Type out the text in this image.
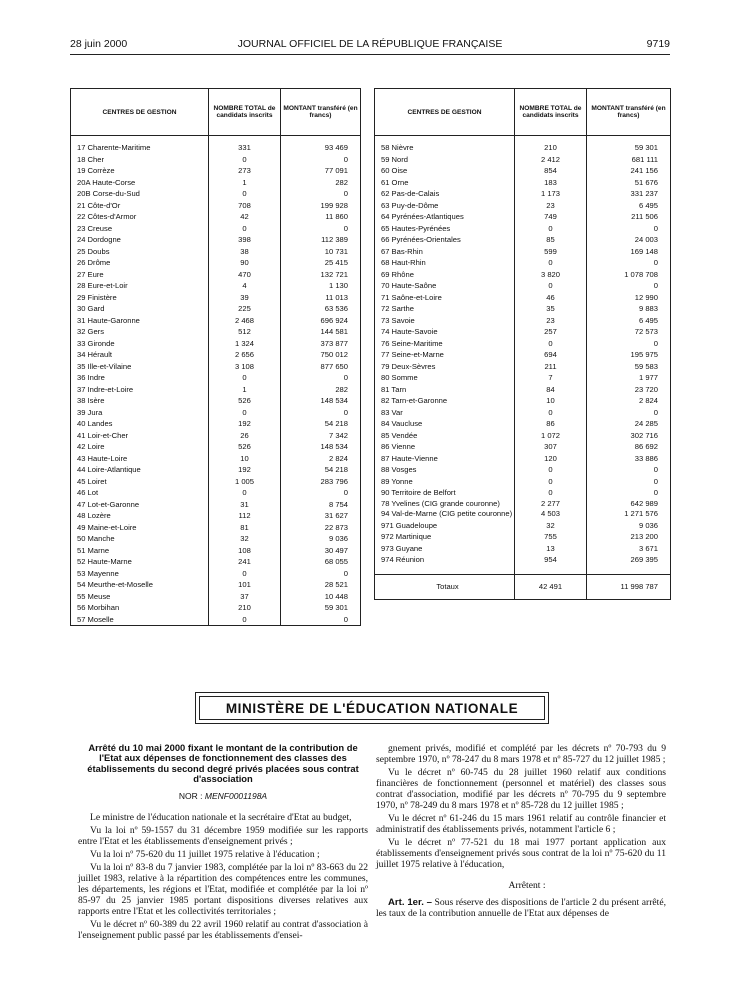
28 juin 2000	JOURNAL OFFICIEL DE LA RÉPUBLIQUE FRANÇAISE	9719
CENTRES DE GESTION	NOMBRE TOTAL de candidats inscrits	MONTANT transféré (en francs)
17 Charente-Maritime	331	93 469
18 Cher	0	0
19 Corrèze	273	77 091
20A Haute-Corse	1	282
20B Corse-du-Sud	0	0
21 Côte-d'Or	708	199 928
22 Côtes-d'Armor	42	11 860
23 Creuse	0	0
24 Dordogne	398	112 389
25 Doubs	38	10 731
26 Drôme	90	25 415
27 Eure	470	132 721
28 Eure-et-Loir	4	1 130
29 Finistère	39	11 013
30 Gard	225	63 536
31 Haute-Garonne	2 468	696 924
32 Gers	512	144 581
33 Gironde	1 324	373 877
34 Hérault	2 656	750 012
35 Ille-et-Vilaine	3 108	877 650
36 Indre	0	0
37 Indre-et-Loire	1	282
38 Isère	526	148 534
39 Jura	0	0
40 Landes	192	54 218
41 Loir-et-Cher	26	7 342
42 Loire	526	148 534
43 Haute-Loire	10	2 824
44 Loire-Atlantique	192	54 218
45 Loiret	1 005	283 796
46 Lot	0	0
47 Lot-et-Garonne	31	8 754
48 Lozère	112	31 627
49 Maine-et-Loire	81	22 873
50 Manche	32	9 036
51 Marne	108	30 497
52 Haute-Marne	241	68 055
53 Mayenne	0	0
54 Meurthe-et-Moselle	101	28 521
55 Meuse	37	10 448
56 Morbihan	210	59 301
57 Moselle	0	0
CENTRES DE GESTION	NOMBRE TOTAL de candidats inscrits	MONTANT transféré (en francs)
58 Nièvre	210	59 301
59 Nord	2 412	681 111
60 Oise	854	241 156
61 Orne	183	51 676
62 Pas-de-Calais	1 173	331 237
63 Puy-de-Dôme	23	6 495
64 Pyrénées-Atlantiques	749	211 506
65 Hautes-Pyrénées	0	0
66 Pyrénées-Orientales	85	24 003
67 Bas-Rhin	599	169 148
68 Haut-Rhin	0	0
69 Rhône	3 820	1 078 708
70 Haute-Saône	0	0
71 Saône-et-Loire	46	12 990
72 Sarthe	35	9 883
73 Savoie	23	6 495
74 Haute-Savoie	257	72 573
76 Seine-Maritime	0	0
77 Seine-et-Marne	694	195 975
79 Deux-Sèvres	211	59 583
80 Somme	7	1 977
81 Tarn	84	23 720
82 Tarn-et-Garonne	10	2 824
83 Var	0	0
84 Vaucluse	86	24 285
85 Vendée	1 072	302 716
86 Vienne	307	86 692
87 Haute-Vienne	120	33 886
88 Vosges	0	0
89 Yonne	0	0
90 Territoire de Belfort	0	0
78 Yvelines (CIG grande couronne)	2 277	642 989
94 Val-de-Marne (CIG petite couronne)	4 503	1 271 576
971 Guadeloupe	32	9 036
972 Martinique	755	213 200
973 Guyane	13	3 671
974 Réunion	954	269 395

Totaux	42 491	11 998 787
MINISTÈRE DE L'ÉDUCATION NATIONALE
Arrêté du 10 mai 2000 fixant le montant de la contribution de l'Etat aux dépenses de fonctionnement des classes des établissements du second degré privés placées sous contrat d'association
NOR : MENF0001198A

Le ministre de l'éducation nationale et la secrétaire d'Etat au budget,

Vu la loi nº 59-1557 du 31 décembre 1959 modifiée sur les rapports entre l'Etat et les établissements d'enseignement privés ;

Vu la loi nº 75-620 du 11 juillet 1975 relative à l'éducation ;

Vu la loi nº 83-8 du 7 janvier 1983, complétée par la loi nº 83-663 du 22 juillet 1983, relative à la répartition des compétences entre les communes, les départements, les régions et l'Etat, modifiée et complétée par la loi nº 85-97 du 25 janvier 1985 portant dispositions diverses relatives aux rapports entre l'Etat et les collectivités territoriales ;

Vu le décret nº 60-389 du 22 avril 1960 relatif au contrat d'association à l'enseignement public passé par les établissements d'ensei-

gnement privés, modifié et complété par les décrets nº 70-793 du 9 septembre 1970, nº 78-247 du 8 mars 1978 et nº 85-727 du 12 juillet 1985 ;

Vu le décret nº 60-745 du 28 juillet 1960 relatif aux conditions financières de fonctionnement (personnel et matériel) des classes sous contrat d'association, modifié par les décrets nº 70-795 du 9 septembre 1970, nº 78-249 du 8 mars 1978 et nº 85-728 du 12 juillet 1985 ;

Vu le décret nº 61-246 du 15 mars 1961 relatif au contrôle financier et administratif des établissements privés, notamment l'article 6 ;

Vu le décret nº 77-521 du 18 mai 1977 portant application aux établissements d'enseignement privés sous contrat de la loi nº 75-620 du 11 juillet 1975 relative à l'éducation,

Arrêtent :

Art. 1er. – Sous réserve des dispositions de l'article 2 du présent arrêté, les taux de la contribution annuelle de l'Etat aux dépenses de
